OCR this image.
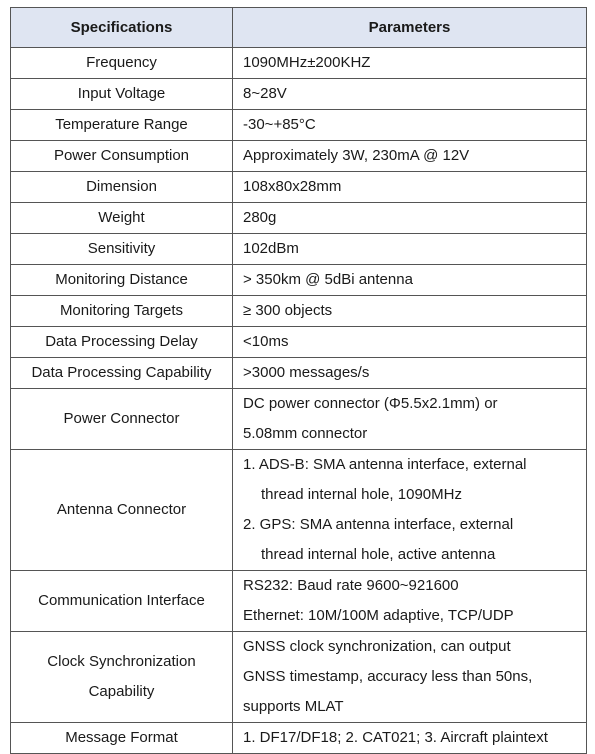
Specifications	Parameters
Frequency	1090MHz±200KHZ
Input Voltage	8~28V
Temperature Range	-30~+85°C
Power Consumption	Approximately 3W, 230mA @ 12V
Dimension	108x80x28mm
Weight	280g
Sensitivity	102dBm
Monitoring Distance	> 350km @ 5dBi antenna
Monitoring Targets	≥ 300 objects
Data Processing Delay	<10ms
Data Processing Capability	>3000 messages/s
Power Connector	DC power connector (Φ5.5x2.1mm) or
5.08mm connector

Antenna Connector	1. ADS-B: SMA antenna interface, external
thread internal hole, 1090MHz
2. GPS: SMA antenna interface, external
thread internal hole, active antenna

Communication Interface	RS232: Baud rate 9600~921600
Ethernet: 10M/100M adaptive, TCP/UDP

Clock Synchronization
Capability	GNSS clock synchronization, can output
GNSS timestamp, accuracy less than 50ns,
supports MLAT

Message Format	1. DF17/DF18; 2. CAT021; 3. Aircraft plaintext
